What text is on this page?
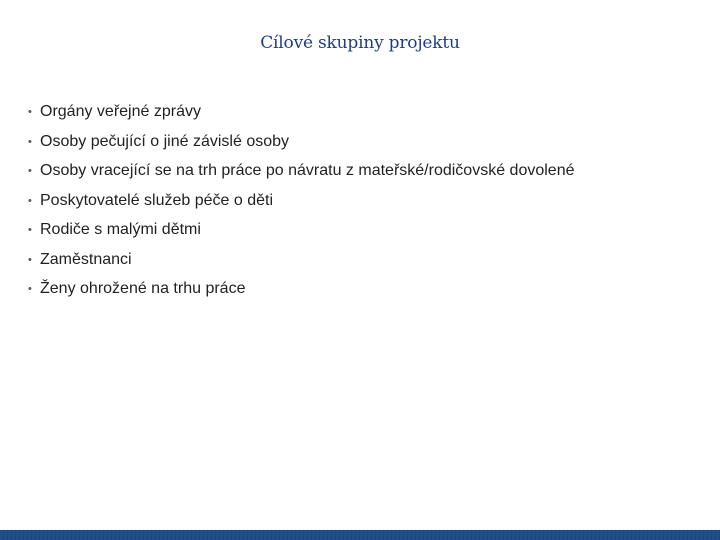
Cílové skupiny projektu
• Orgány veřejné zprávy
• Osoby pečující o jiné závislé osoby
• Osoby vracející se na trh práce po návratu z mateřské/rodičovské dovolené
• Poskytovatelé služeb péče o děti
• Rodiče s malými dětmi
• Zaměstnanci
• Ženy ohrožené na trhu práce
